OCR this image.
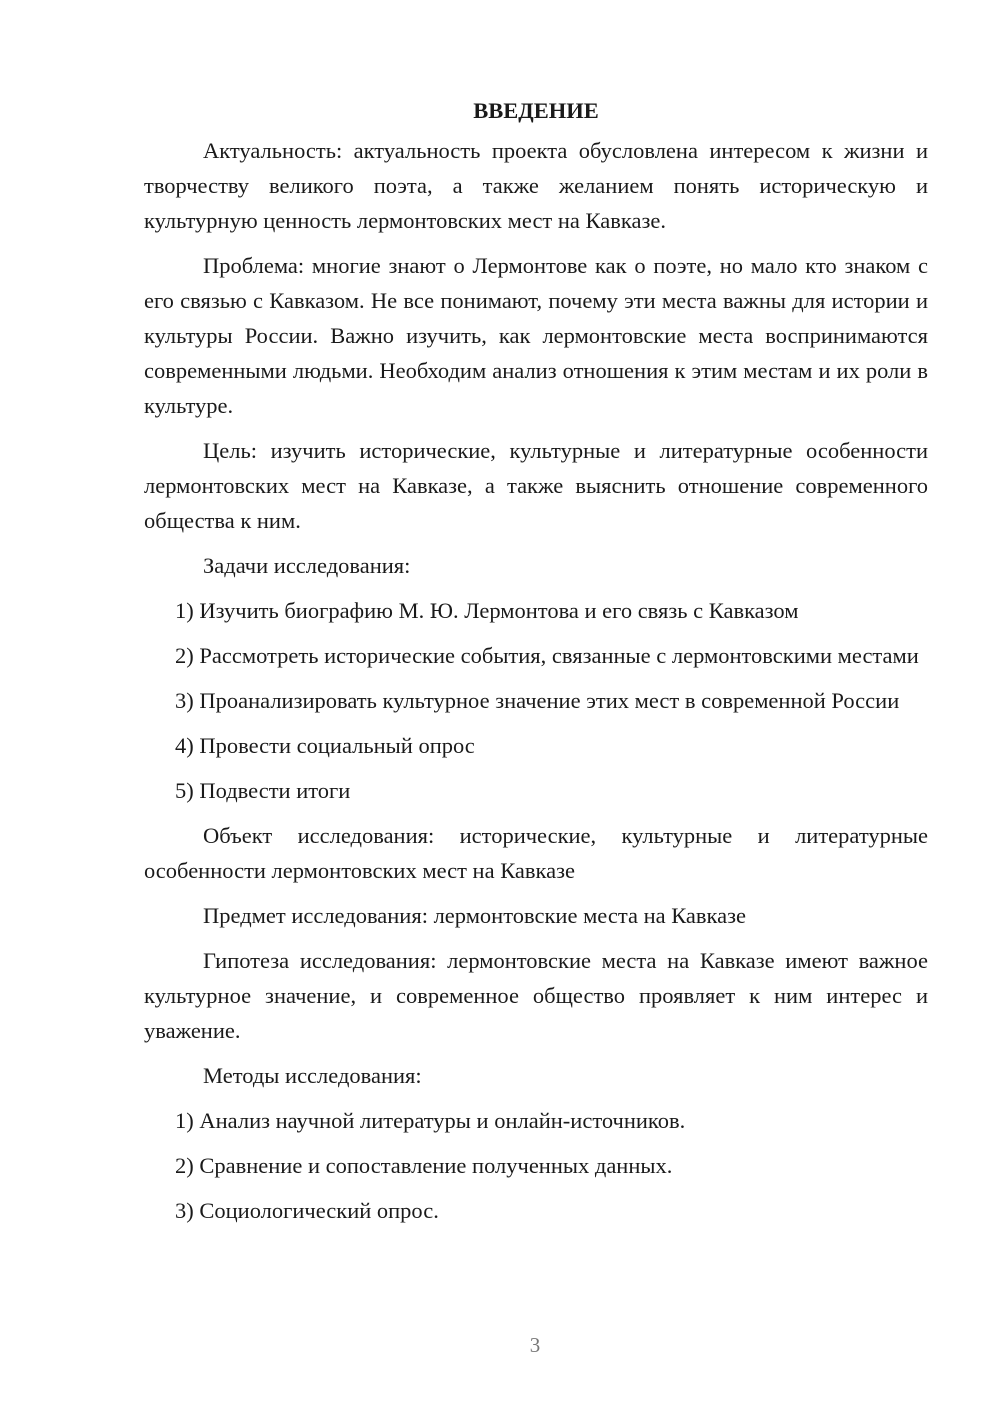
ВВЕДЕНИЕ

Актуальность: актуальность проекта обусловлена интересом к жизни и творчеству великого поэта, а также желанием понять историческую и культурную ценность лермонтовских мест на Кавказе.

Проблема: многие знают о Лермонтове как о поэте, но мало кто знаком с его связью с Кавказом. Не все понимают, почему эти места важны для истории и культуры России. Важно изучить, как лермонтовские места воспринимаются современными людьми. Необходим анализ отношения к этим местам и их роли в культуре.

Цель: изучить исторические, культурные и литературные особенности лермонтовских мест на Кавказе, а также выяснить отношение современного общества к ним.

Задачи исследования:

1) Изучить биографию М. Ю. Лермонтова и его связь с Кавказом

2) Рассмотреть исторические события, связанные с лермонтовскими местами

3) Проанализировать культурное значение этих мест в современной России

4) Провести социальный опрос

5) Подвести итоги

Объект исследования: исторические, культурные и литературные особенности лермонтовских мест на Кавказе

Предмет исследования: лермонтовские места на Кавказе

Гипотеза исследования: лермонтовские места на Кавказе имеют важное культурное значение, и современное общество проявляет к ним интерес и уважение.

Методы исследования:

1) Анализ научной литературы и онлайн-источников.

2) Сравнение и сопоставление полученных данных.

3) Социологический опрос.

3
